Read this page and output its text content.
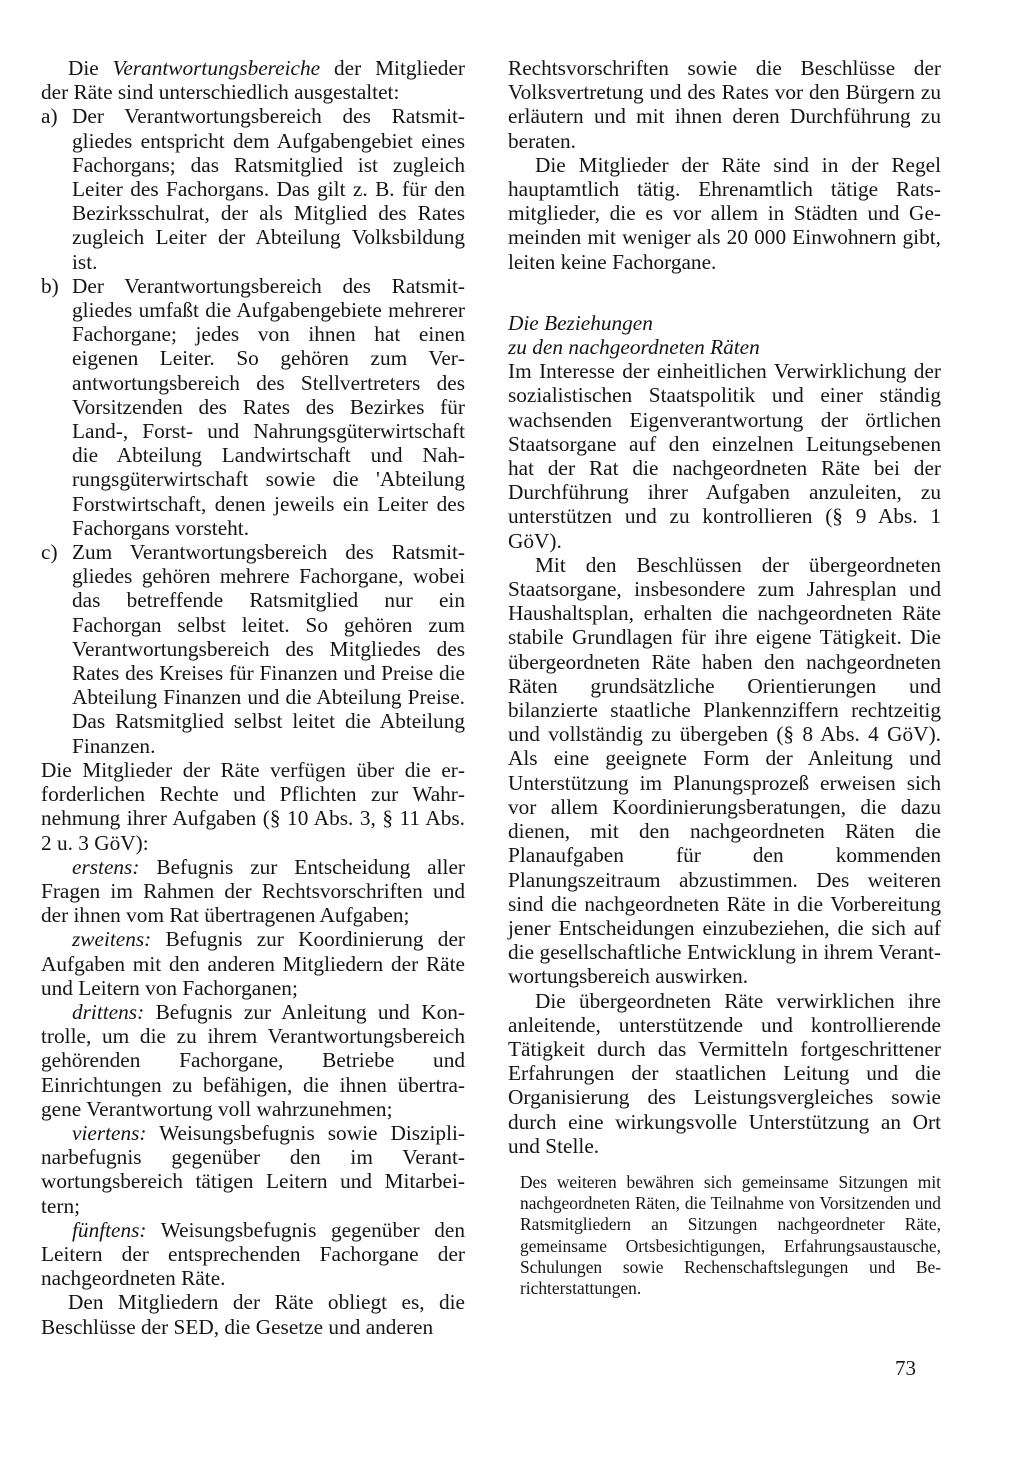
Die Verantwortungsbereiche der Mitglieder der Räte sind unterschiedlich ausgestaltet:

a) Der Verantwortungsbereich des Ratsmitgliedes entspricht dem Aufgabengebiet eines Fachorgans; das Ratsmitglied ist zugleich Leiter des Fachorgans. Das gilt z. B. für den Bezirksschulrat, der als Mitglied des Rates zugleich Leiter der Abteilung Volksbildung ist.

b) Der Verantwortungsbereich des Ratsmitgliedes umfaßt die Aufgabengebiete mehrerer Fachorgane; jedes von ihnen hat einen eigenen Leiter. So gehören zum Verantwortungsbereich des Stellvertreters des Vorsitzenden des Rates des Bezirkes für Land-, Forst- und Nahrungsgüterwirtschaft die Abteilung Landwirtschaft und Nahrungsgüterwirtschaft sowie die 'Abteilung Forstwirtschaft, denen jeweils ein Leiter des Fachorgans vorsteht.

c) Zum Verantwortungsbereich des Ratsmitgliedes gehören mehrere Fachorgane, wobei das betreffende Ratsmitglied nur ein Fachorgan selbst leitet. So gehören zum Verantwortungsbereich des Mitgliedes des Rates des Kreises für Finanzen und Preise die Abteilung Finanzen und die Abteilung Preise. Das Ratsmitglied selbst leitet die Abteilung Finanzen.

Die Mitglieder der Räte verfügen über die erforderlichen Rechte und Pflichten zur Wahrnehmung ihrer Aufgaben (§ 10 Abs. 3, § 11 Abs. 2 u. 3 GöV):

erstens: Befugnis zur Entscheidung aller Fragen im Rahmen der Rechtsvorschriften und der ihnen vom Rat übertragenen Aufgaben;

zweitens: Befugnis zur Koordinierung der Aufgaben mit den anderen Mitgliedern der Räte und Leitern von Fachorganen;

drittens: Befugnis zur Anleitung und Kontrolle, um die zu ihrem Verantwortungsbereich gehörenden Fachorgane, Betriebe und Einrichtungen zu befähigen, die ihnen übertragene Verantwortung voll wahrzunehmen;

viertens: Weisungsbefugnis sowie Disziplinarbefugnis gegenüber den im Verantwortungsbereich tätigen Leitern und Mitarbeitern;

fünftens: Weisungsbefugnis gegenüber den Leitern der entsprechenden Fachorgane der nachgeordneten Räte.

Den Mitgliedern der Räte obliegt es, die Beschlüsse der SED, die Gesetze und anderen

Rechtsvorschriften sowie die Beschlüsse der Volksvertretung und des Rates vor den Bürgern zu erläutern und mit ihnen deren Durchführung zu beraten.

Die Mitglieder der Räte sind in der Regel hauptamtlich tätig. Ehrenamtlich tätige Ratsmitglieder, die es vor allem in Städten und Gemeinden mit weniger als 20 000 Einwohnern gibt, leiten keine Fachorgane.

Die Beziehungen
zu den nachgeordneten Räten

Im Interesse der einheitlichen Verwirklichung der sozialistischen Staatspolitik und einer ständig wachsenden Eigenverantwortung der örtlichen Staatsorgane auf den einzelnen Leitungsebenen hat der Rat die nachgeordneten Räte bei der Durchführung ihrer Aufgaben anzuleiten, zu unterstützen und zu kontrollieren (§ 9 Abs. 1 GöV).

Mit den Beschlüssen der übergeordneten Staatsorgane, insbesondere zum Jahresplan und Haushaltsplan, erhalten die nachgeordneten Räte stabile Grundlagen für ihre eigene Tätigkeit. Die übergeordneten Räte haben den nachgeordneten Räten grundsätzliche Orientierungen und bilanzierte staatliche Plankennziffern rechtzeitig und vollständig zu übergeben (§ 8 Abs. 4 GöV). Als eine geeignete Form der Anleitung und Unterstützung im Planungsprozeß erweisen sich vor allem Koordinierungsberatungen, die dazu dienen, mit den nachgeordneten Räten die Planaufgaben für den kommenden Planungszeitraum abzustimmen. Des weiteren sind die nachgeordneten Räte in die Vorbereitung jener Entscheidungen einzubeziehen, die sich auf die gesellschaftliche Entwicklung in ihrem Verantwortungsbereich auswirken.

Die übergeordneten Räte verwirklichen ihre anleitende, unterstützende und kontrollierende Tätigkeit durch das Vermitteln fortgeschrittener Erfahrungen der staatlichen Leitung und die Organisierung des Leistungsvergleiches sowie durch eine wirkungsvolle Unterstützung an Ort und Stelle.

Des weiteren bewähren sich gemeinsame Sitzungen mit nachgeordneten Räten, die Teilnahme von Vorsitzenden und Ratsmitgliedern an Sitzungen nachgeordneter Räte, gemeinsame Ortsbesichtigungen, Erfahrungsaustausche, Schulungen sowie Rechenschaftslegungen und Berichterstattungen.

73
